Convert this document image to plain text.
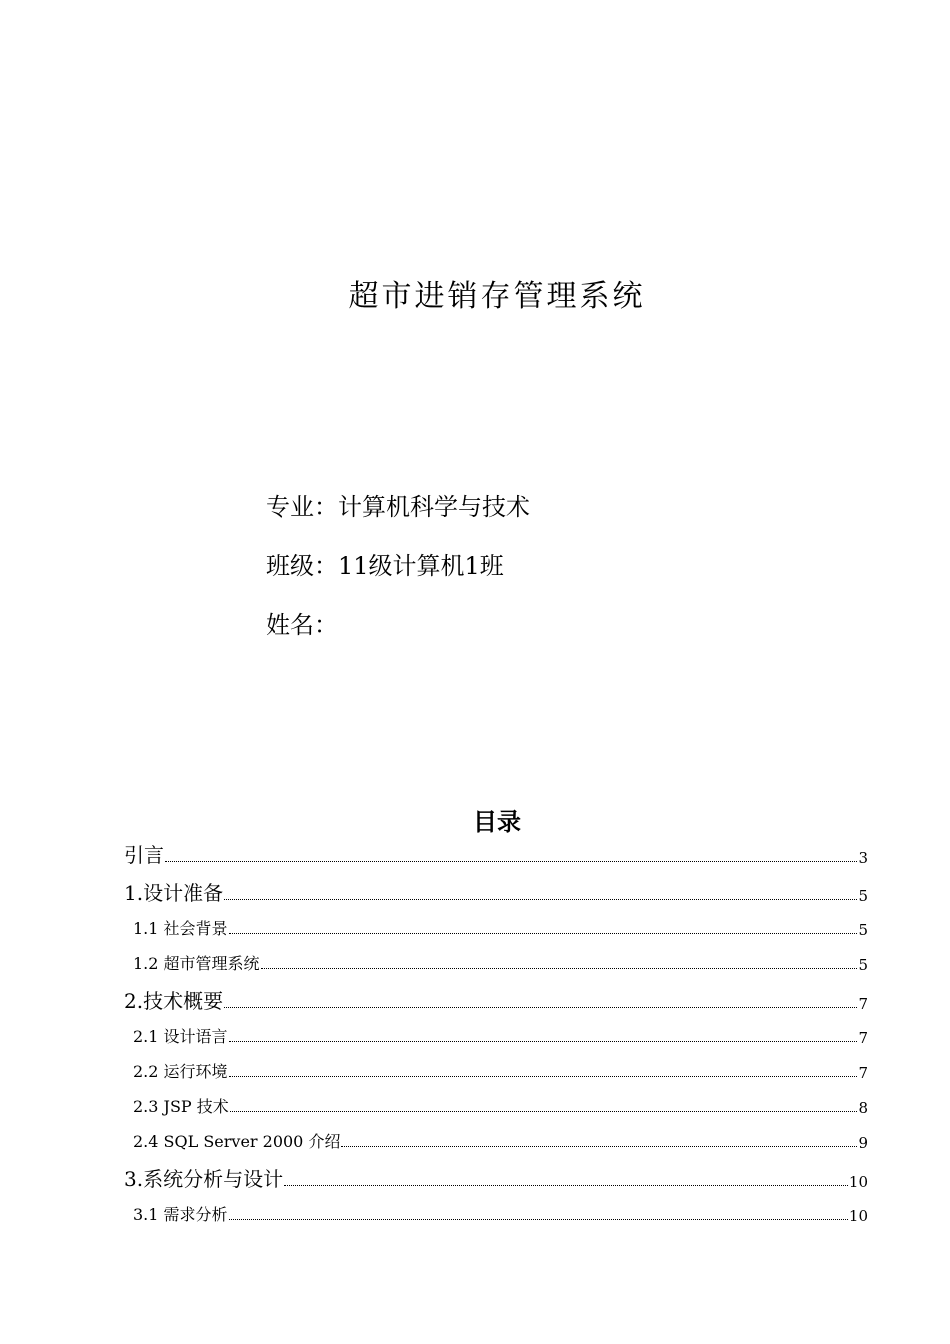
超市进销存管理系统
专业：计算机科学与技术
班级：11级计算机1班
姓名：
目录
引言	3
1.设计准备	5
1.1 社会背景	5
1.2 超市管理系统	5
2.技术概要	7
2.1 设计语言	7
2.2 运行环境	7
2.3 JSP 技术	8
2.4 SQL Server 2000 介绍	9
3.系统分析与设计	10
3.1 需求分析	10
